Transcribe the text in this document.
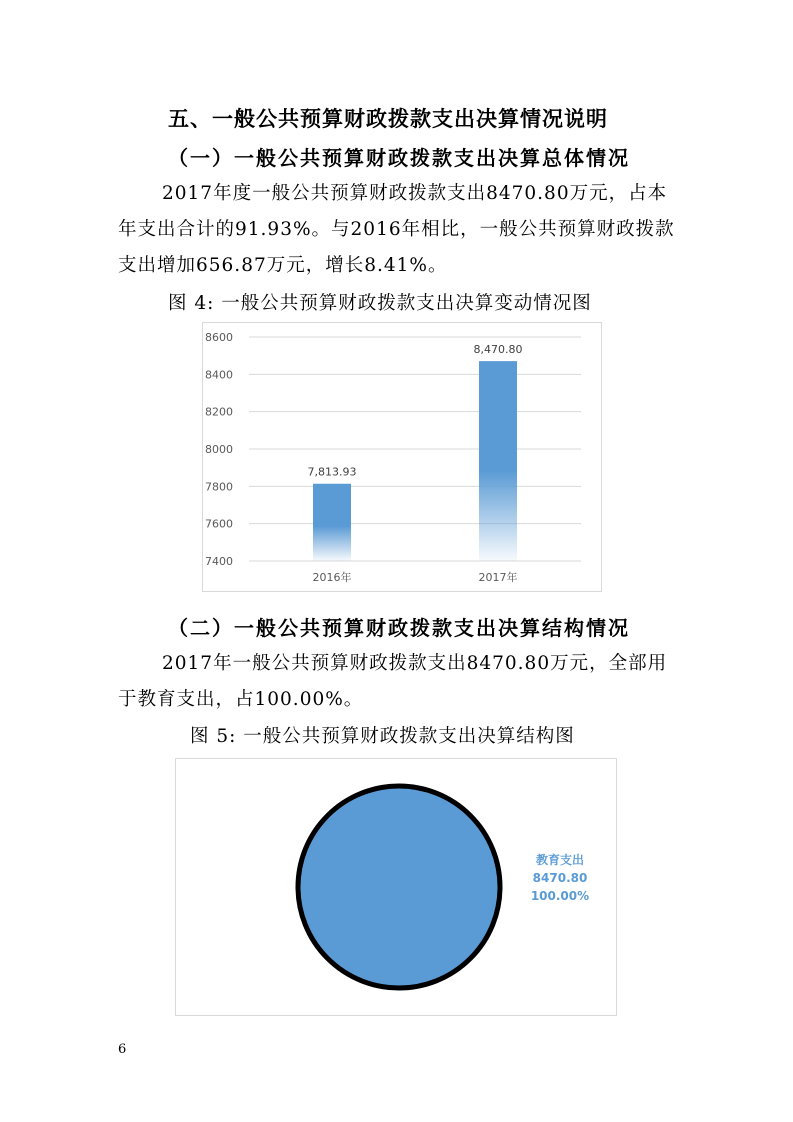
五、一般公共预算财政拨款支出决算情况说明
（一）一般公共预算财政拨款支出决算总体情况
2017年度一般公共预算财政拨款支出8470.80万元，占本年支出合计的91.93%。与2016年相比，一般公共预算财政拨款支出增加656.87万元，增长8.41%。
图 4: 一般公共预算财政拨款支出决算变动情况图
7400
7600
7800
8000
8200
8400
8600
7,813.93
2016年
8,470.80
2017年
（二）一般公共预算财政拨款支出决算结构情况
2017年一般公共预算财政拨款支出8470.80万元，全部用于教育支出，占100.00%。
图 5: 一般公共预算财政拨款支出决算结构图
教育支出
8470.80
100.00%
6
